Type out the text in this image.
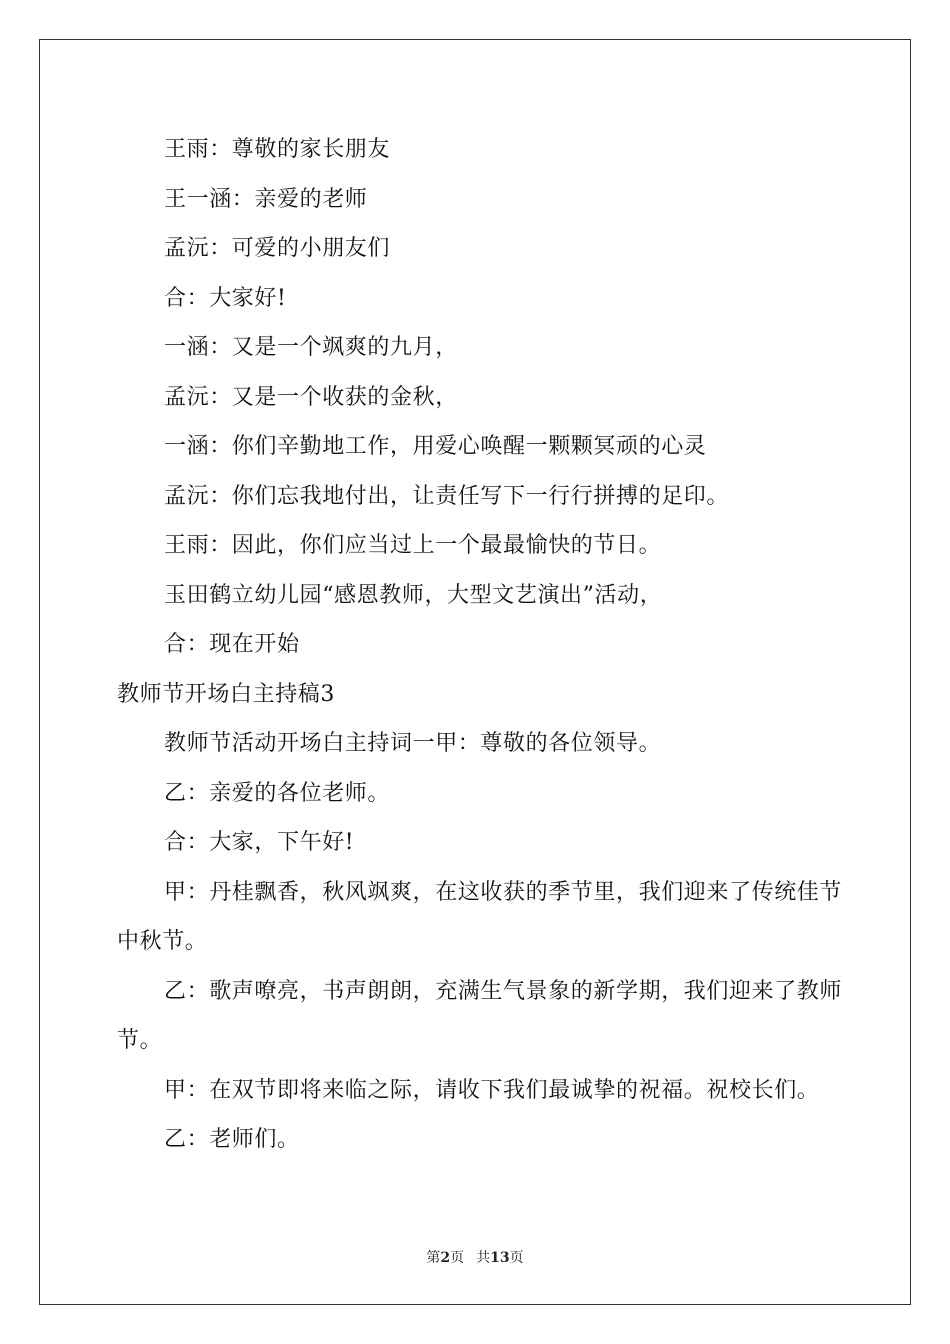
王雨：尊敬的家长朋友

王一涵：亲爱的老师

孟沅：可爱的小朋友们

合：大家好!

一涵：又是一个飒爽的九月，

孟沅：又是一个收获的金秋，

一涵：你们辛勤地工作，用爱心唤醒一颗颗冥顽的心灵

孟沅：你们忘我地付出，让责任写下一行行拼搏的足印。

王雨：因此，你们应当过上一个最最愉快的节日。

玉田鹤立幼儿园“感恩教师，大型文艺演出”活动，

合：现在开始

教师节开场白主持稿3

教师节活动开场白主持词一甲：尊敬的各位领导。

乙：亲爱的各位老师。

合：大家，下午好!

甲：丹桂飘香，秋风飒爽，在这收获的季节里，我们迎来了传统佳节中秋节。

乙：歌声嘹亮，书声朗朗，充满生气景象的新学期，我们迎来了教师节。

甲：在双节即将来临之际，请收下我们最诚挚的祝福。祝校长们。

乙：老师们。

第2页 共13页
